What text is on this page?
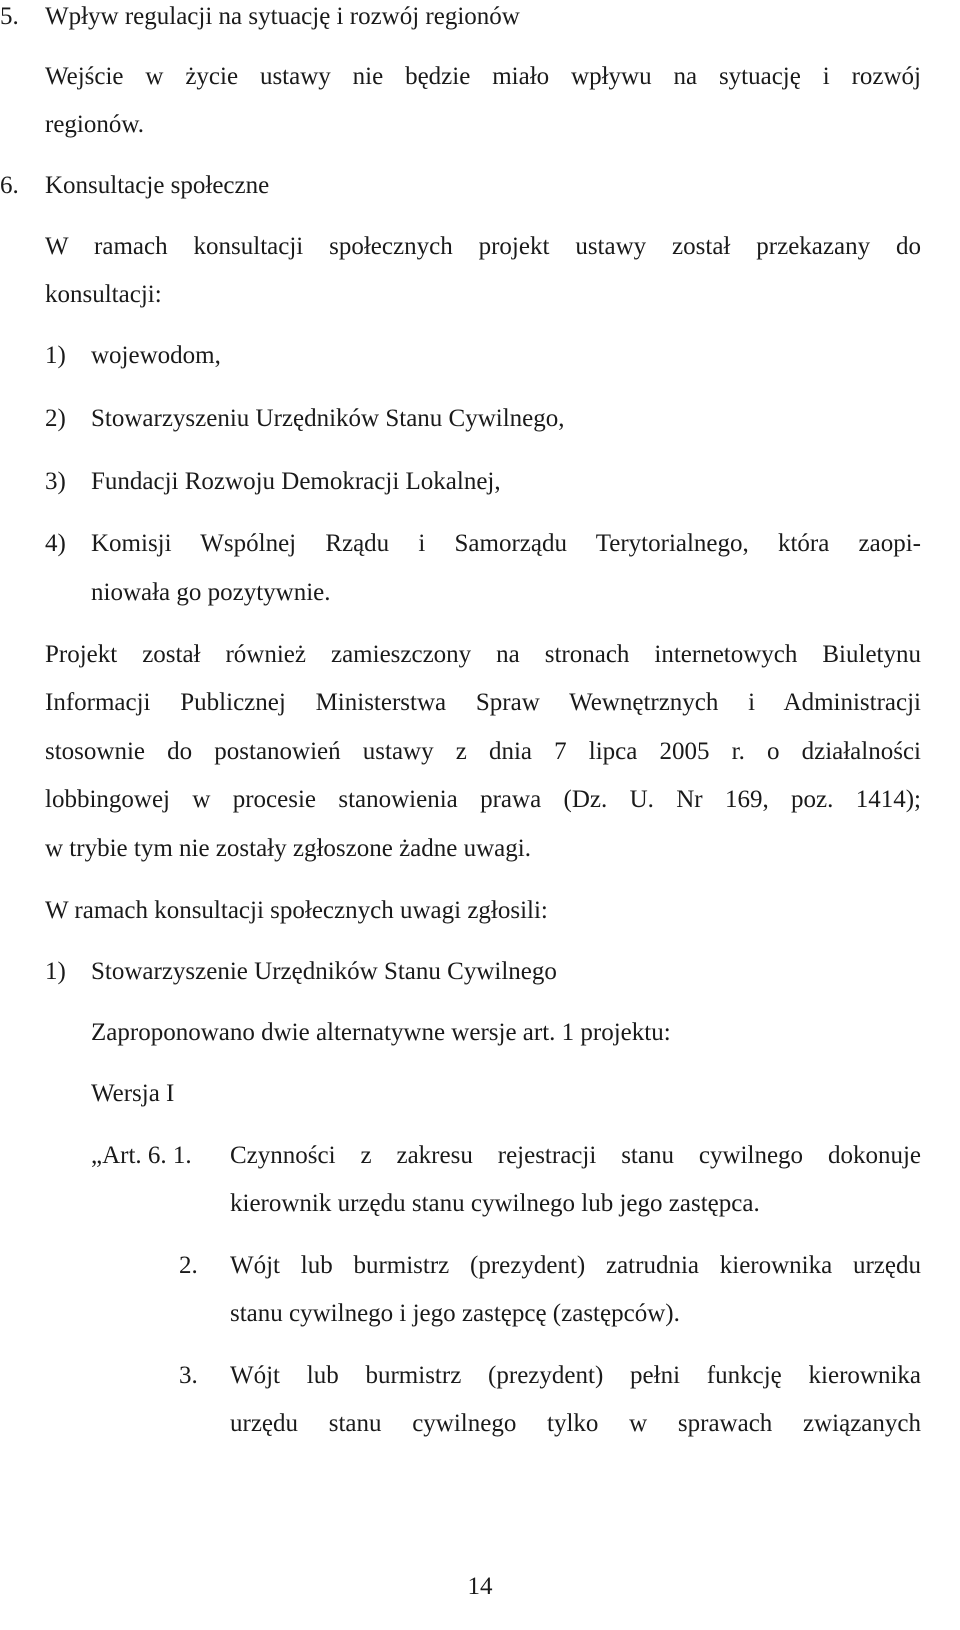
5. Wpływ regulacji na sytuację i rozwój regionów
Wejście w życie ustawy nie będzie miało wpływu na sytuację i rozwój
regionów.
6. Konsultacje społeczne
W ramach konsultacji społecznych projekt ustawy został przekazany do
konsultacji:
1) wojewodom,
2) Stowarzyszeniu Urzędników Stanu Cywilnego,
3) Fundacji Rozwoju Demokracji Lokalnej,
4) Komisji Wspólnej Rządu i Samorządu Terytorialnego, która zaopi-
niowała go pozytywnie.
Projekt został również zamieszczony na stronach internetowych Biuletynu
Informacji Publicznej Ministerstwa Spraw Wewnętrznych i Administracji
stosownie do postanowień ustawy z dnia 7 lipca 2005 r. o działalności
lobbingowej w procesie stanowienia prawa (Dz. U. Nr 169, poz. 1414);
w trybie tym nie zostały zgłoszone żadne uwagi.
W ramach konsultacji społecznych uwagi zgłosili:
1) Stowarzyszenie Urzędników Stanu Cywilnego
Zaproponowano dwie alternatywne wersje art. 1 projektu:
Wersja I
„Art. 6. 1. Czynności z zakresu rejestracji stanu cywilnego dokonuje
kierownik urzędu stanu cywilnego lub jego zastępca.
2. Wójt lub burmistrz (prezydent) zatrudnia kierownika urzędu
stanu cywilnego i jego zastępcę (zastępców).
3. Wójt lub burmistrz (prezydent) pełni funkcję kierownika
urzędu stanu cywilnego tylko w sprawach związanych
14
